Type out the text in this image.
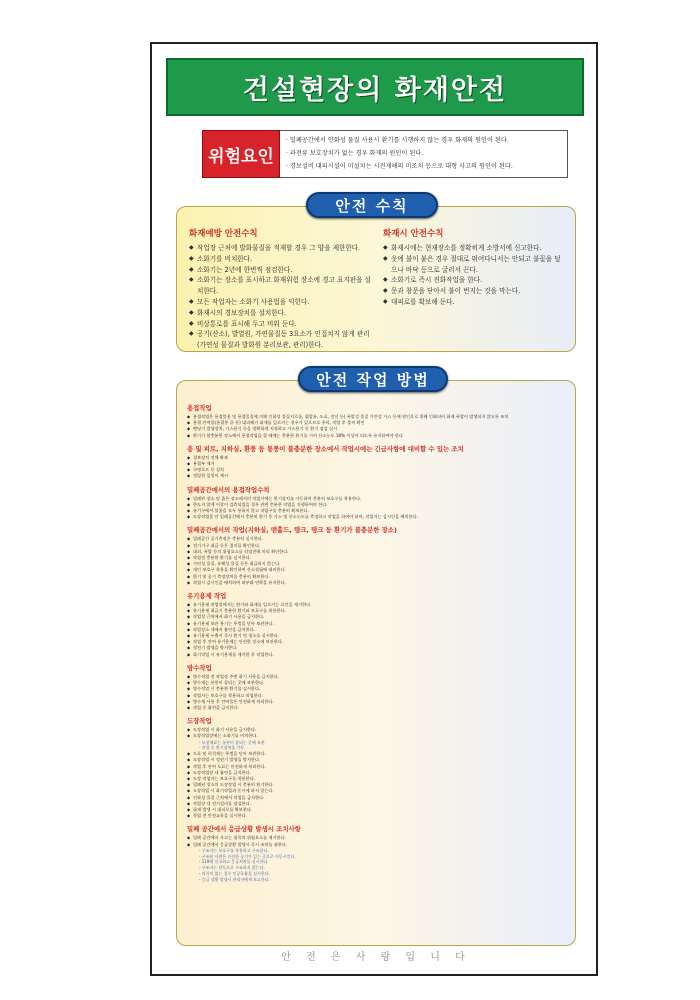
건설현장의 화재안전
위험요인
· 밀폐공간에서 인화성 물질 사용시 환기를 시행하지 않는 경우 화재의 원인이 된다.
· 과전류 보호장치가 없는 경우 화재의 원인이 된다.
· 경보설비 대피시설이 미설치는 시전재해의 미조치 등으로 대형 사고의 원인이 된다.
화재예방 안전수칙
◆ 작업장 근처에 발화물질을 적재할 경우 그 양을 제한한다.
◆ 소화기를 비치한다.
◆ 소화기는 2년에 한번씩 점검한다.
◆ 소화기는 장소를 표시하고 화재위험 장소에 경고 표지판을 설치한다.
◆ 모든 작업자는 소화기 사용법을 익힌다.
◆ 화재시의 경보장치를 설치한다.
◆ 비상통로를 표시해 두고 비워 둔다.
◆ 공기(산소), 발열원, 가연물질등 3요소가 인접치지 않게 관리(가연성 물질과 발화원 분리보관, 관리)한다.
화재시 안전수칙
◆ 화재시에는 현재장소를 정확히게 소방서에 신고한다.
◆ 옷에 불이 붙은 경우 절대로 뛰어다니서는 안되고 불꽃을 덮으나 바닥 등으로 굴러서 끈다.
◆ 소화기로 즉시 진화작업을 한다.
◆ 문과 창문을 닫아서 불이 번지는 것을 막는다.
◆ 대피로를 확보해 둔다.
안전 수칙
용접작업
◆ 용접작업은 용접불꽃 및 용접물질에 의해 인화성 물질지로를, 휘발유, 도료, 전선 등) 폭발성 물질 가연성 가스 등에 원인으로 위해 인화되어 화재 폭발이 발생되지 않도록 조치
◆ 용접 잔여물(용접봉 끝 등) 대피해기 화재를 일으키는 경우가 있으므로 주의, 작업 후 불씨 확인
◆ 벤딩기 발생장치, 가스용기 등을 정확하게 지정하고 가스용기 등 환기 점검 실시
◆ 환기가 불충분한 장소에서 용접작업을 할 때에는 충분한 환기를 시켜 산소농도 18% 이상이 되도록 유지하여야 한다
용 및 피트, 지하실, 환풍 등 통풍이 불충분한 장소에서 작업시에는 긴급사항에 대비할 수 있는 조치
◆ 경보장치 전체 확보
◆ 용접부 제거
◆ 구명로프 등 설치
◆ 정밀한 일정이 제시
밀폐공간에서의 용접작업수칙
◆ 밀폐된 장소 및 좁은 장소에서의 작업시에는 환기장치를 가동하여 충분히 보호구를 착용한다.
◆ 한도지 않게 이상이 검측되었을 경우 관련 충분한 작업을 진행하여야 한다.
◆ 통기구에서 불꽃을 모두 통하지 않고 작업구를 충분히 확보한다.
◆ 도장작업물 안 밀폐공간에서 충분히 환기 후 가스 및 산소농도를 측정하고 작업을 하여야 하며, 작업자는 감시인을 배치한다.
밀폐공간에서의 작업(지하실, 맨홀드, 탱크, 탱크 등 환기가 불충분한 장소)
◆ 밀폐공간 공기측정은 충분히 실시한다.
◆ 전기기구 취급 등은 접지를 확인한다.
◆ 대피, 폭발 등의 위험요소를 작업전에 미리 확인한다.
◆ 작업전 충분한 환기를 실시한다.
◆ 가연성 물질, 유해성 물질 등은 취급하지 않는다.
◆ 개인 보호구 착용을 확인하여 산소결핍에 대비한다.
◆ 환기 및 공기 측정장치를 충분히 확보한다.
◆ 작업시 감시인을 배치하여 외부와 연락을 유지한다.
유기용제 작업
◆ 유기용제 작업장에서는 환기와 화재를 일으키는 요인을 제거한다.
◆ 유기용제 취급시 충분한 환기와 보호구를 착용한다.
◆ 작업장 근처에서 화기 사용을 금지한다.
◆ 유기용제 보관 용기는 뚜껑을 닫아 보관한다.
◆ 작업장소 내에서 흡연을 금지한다.
◆ 유기용제 누출시 즉시 환기 및 청소를 실시한다.
◆ 작업 후 잔여 유기용제는 안전한 장소에 보관한다.
◆ 정전기 발생을 방지한다.
◆ 화기작업 시 유기용제를 제거한 후 작업한다.
방수작업
◆ 방수작업 전 작업장 주변 화기 사용을 금지한다.
◆ 방수재는 통풍이 잘되는 곳에 보관한다.
◆ 방수작업 시 충분한 환기를 실시한다.
◆ 작업자는 보호구를 착용하고 작업한다.
◆ 방수재 사용 후 잔여물은 안전하게 처리한다.
◆ 작업 중 흡연을 금지한다.
도장작업
◆ 도장작업 시 화기 사용을 금지한다.
◆ 도장작업장에는 소화기를 비치한다.
- 도장재료는 통풍이 잘되는 곳에 보관
- 작업 중 환기장치를 가동
◆ 도료 및 희석제는 뚜껑을 닫아 보관한다.
◆ 도장작업 시 정전기 발생을 방지한다.
◆ 작업 후 잔여 도료는 안전하게 처리한다.
◆ 도장작업장 내 흡연을 금지한다.
◆ 도장 작업자는 보호구를 착용한다.
◆ 밀폐된 장소의 도장작업 시 충분히 환기한다.
◆ 도장작업 시 화기작업과 동시에 하지 않는다.
◆ 인화성 물질 근처에서 작업을 금지한다.
◆ 작업장 내 전기설비를 점검한다.
◆ 화재 발생 시 대피로를 확보한다.
◆ 작업 전 안전교육을 실시한다.
밀폐 공간에서 응급상황 발생시 조치사항
◆ 밀폐 공간에서 사고는 침묵의 위험요소를 제거한다.
◆ 밀폐 공간에서 응급상황 발생시 즉시 조치를 취한다.
- 구조자는 보호구를 착용하고 구조한다.
- 구조된 사람은 신선한 공기가 있는 곳으로 이동시킨다.
- 119에 신고하고 응급처치를 실시한다.
- 구조자는 단독으로 구조하지 않는다.
- 의식이 없는 경우 인공호흡을 실시한다.
- 응급 상황 발생시 관리자에게 보고한다.
안전 작업 방법
안 전 은 사 랑 입 니 다
